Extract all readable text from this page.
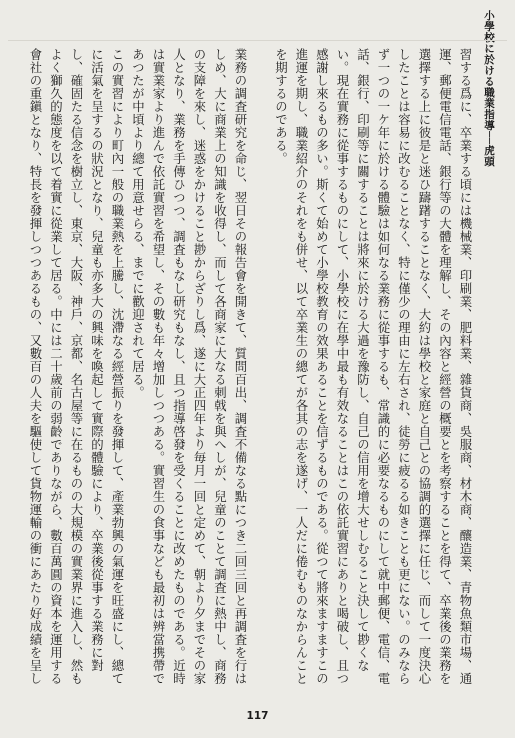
小學校に於ける職業指導──虎頭
習する爲に、卒業する頃には機械業、印刷業、肥料業、雜貨商、吳服商、材木商、釀造業、青物魚類市場、通運、郵便電信電話、銀行等の大體を理解し、その內容と經營の概要とを考察することを得て、卒業後の業務を選擇する上に彼是と迷ひ躊躇することなく、大約は學校と家庭と自己との協調的選擇に任じ、而して一度決心したことは容易に改むることなく、特に僅少の理由に左右され、徒勞に疲るる如きことも更にない。のみならず一つの一ケ年に於ける體驗は如何なる業務に從事するも、常識的に必要なるものにして就中郵便、電信、電話、銀行、印刷等に關することは將來に於ける大過を豫防し、自己の信用を增大せしむること決して尠くない。現在實務に從事するものにして、小學校に在學中最も有效なることはこの依託實習にありと喝破し、且つ感謝し來るもの多い。斯くて始めて小學校教育の效果あることを信ずるものである。從つて將來ますますこの進運を期し、職業紹介のそれをも併せ、以て卒業生の總てが各其の志を遂げ、一人だに倦むものなからんことを期するのである。

業務の調査研究を命じ、翌日その報告會を開きて、質問百出、調査不備なる點につき二回三回と再調査を行はしめ、大に商業上の知識を收得し、而して各商家に大なる刺戟を與へしが、兒童のことて調査に熱中し、商務の支障を來し、迷惑をかけること尠からざりし爲、遂に大正四年より毎月一回と定めて、朝より夕までその家人となり、業務を手傳ひつつ、調査もなし研究もなし、且つ指導啓發を受くることに改めたものである。近時は實業家より進んで依託實習を希望し、その數も年々增加しつつある。實習生の食事なども最初は辨當携帶であつたが中頃より總て用意せらる、までに歡迎されて居る。
この實習により町內一般の職業熱を上騰し、沈滯なる經營振りを發揮して、產業勃興の氣運を旺盛にし、總てに活氣を呈するの狀況となり、兒童も亦多大の興味を喚起して實際的體驗により、卒業後從事する業務に對し、確固たる信念を樹立し、東京、大阪、神戶、京都、名古屋等に在るものの大規模の實業界に進入し、然もよく獅久的態度を以て着實に從業して居る。中には二十歲前の弱齡でありながら、數百萬圓の資本を運用する會社の重鎭となり、特長を發揮しつつあるもの、又數百の人夫を驅使して貨物運輸の衝にあたり好成績を呈し
117
